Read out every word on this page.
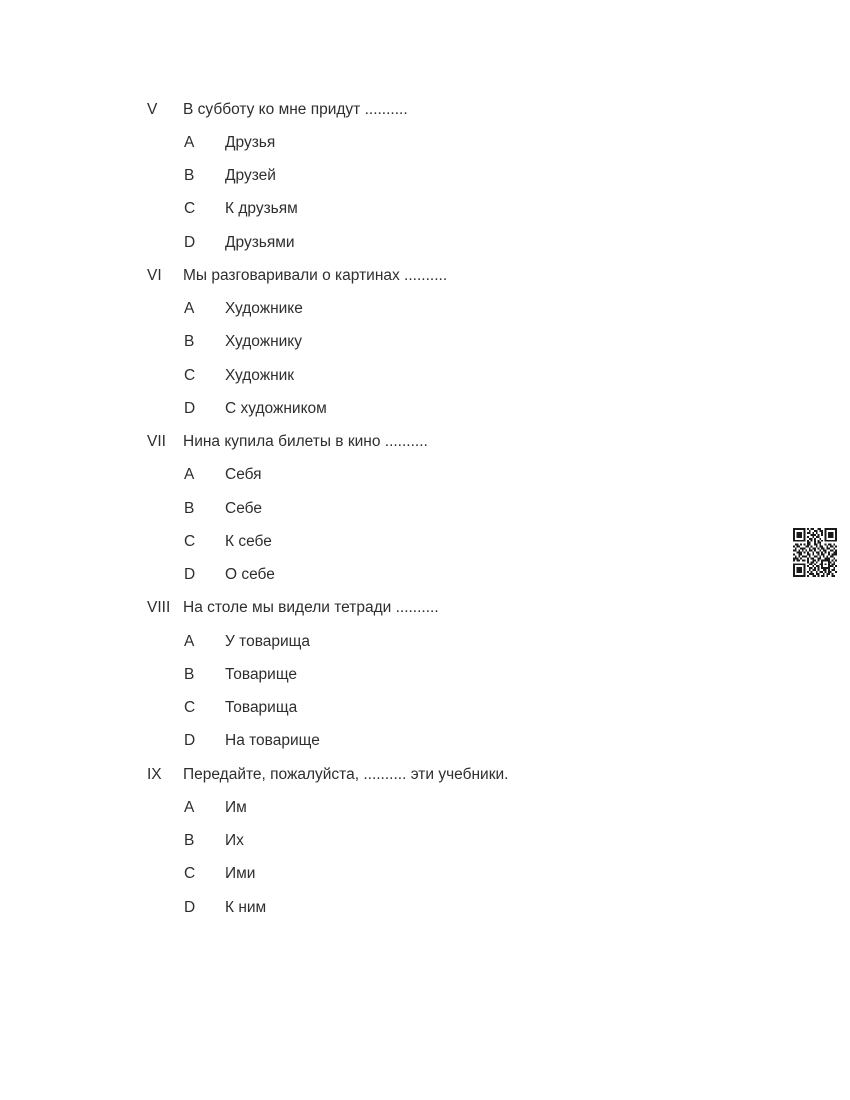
V	В субботу ко мне придут ..........
A	Друзья
B	Друзей
C	К друзьям
D	Друзьями
VI	Мы разговаривали о картинах ..........
A	Художнике
B	Художнику
C	Художник
D	С художником
VII	Нина купила билеты в кино ..........
A	Себя
B	Себе
C	К себе
D	О себе
VIII На столе мы видели тетради ..........
A	У товарища
B	Товарище
C	Товарища
D	На товарище
IX	Передайте, пожалуйста, .......... эти учебники.
A	Им
B	Их
C	Ими
D	К ним
